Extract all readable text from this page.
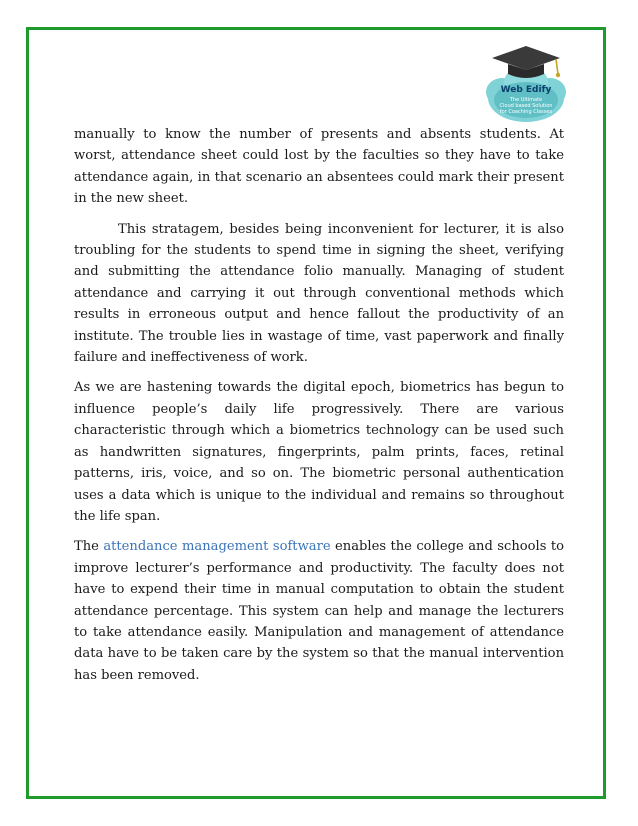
Web Edify
The Ultimate
Cloud based Solution
for Coaching Classes

manually to know the number of presents and absents students. At worst, attendance sheet could lost by the faculties so they have to take attendance again, in that scenario an absentees could mark their present in the new sheet.

This stratagem, besides being inconvenient for lecturer, it is also troubling for the students to spend time in signing the sheet, verifying and submitting the attendance folio manually. Managing of student attendance and carrying it out through conventional methods which results in erroneous output and hence fallout the productivity of an institute. The trouble lies in wastage of time, vast paperwork and finally failure and ineffectiveness of work.

As we are hastening towards the digital epoch, biometrics has begun to influence people’s daily life progressively. There are various characteristic through which a biometrics technology can be used such as handwritten signatures, fingerprints, palm prints, faces, retinal patterns, iris, voice, and so on. The biometric personal authentication uses a data which is unique to the individual and remains so throughout the life span.

The attendance management software enables the college and schools to improve lecturer’s performance and productivity. The faculty does not have to expend their time in manual computation to obtain the student attendance percentage. This system can help and manage the lecturers to take attendance easily. Manipulation and management of attendance data have to be taken care by the system so that the manual intervention has been removed.
